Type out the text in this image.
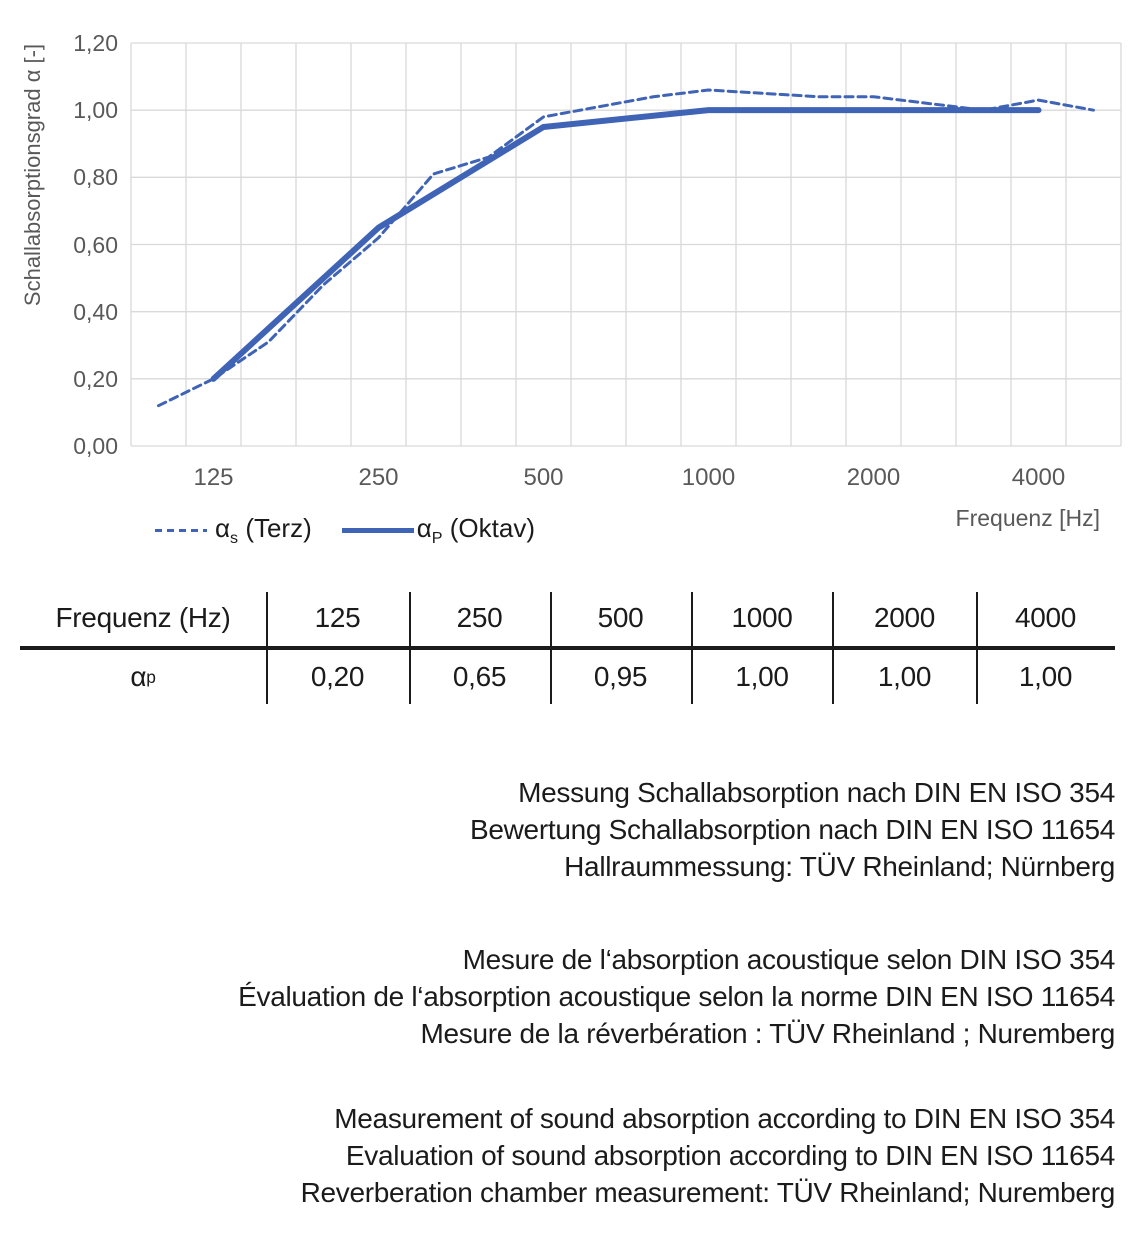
Schallabsorptionsgrad α [-]
Frequenz [Hz]
$\alpha_s$ (Terz)	$\alpha_P$ (Oktav)
0,00
0,20
0,40
0,60
0,80
1,00
1,20
125	250	500	1000	2000	4000
Frequenz (Hz)	125	250	500	1000	2000	4000
α p	0,20	0,65	0,95	1,00	1,00	1,00
Messung Schallabsorption nach DIN EN ISO 354
Bewertung Schallabsorption nach DIN EN ISO 11654
Hallraummessung: TÜV Rheinland; Nürnberg
Mesure de l‘absorption acoustique selon DIN ISO 354
Évaluation de l‘absorption acoustique selon la norme DIN EN ISO 11654
Mesure de la réverbération : TÜV Rheinland ; Nuremberg
Measurement of sound absorption according to DIN EN ISO 354
Evaluation of sound absorption according to DIN EN ISO 11654
Reverberation chamber measurement: TÜV Rheinland; Nuremberg
